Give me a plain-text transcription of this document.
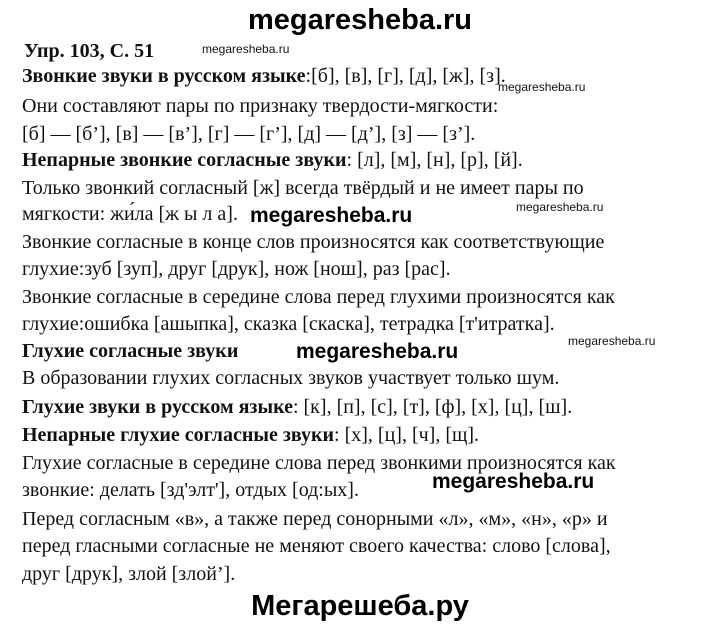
megaresheba.ru
Упр. 103, С. 51	megaresheba.ru
Звонкие звуки в русском языке:[б], [в], [г], [д], [ж], [з].
megaresheba.ru
Они составляют пары по признаку твердости-мягкости:
[б] — [б’], [в] — [в’], [г] — [г’], [д] — [д’], [з] — [з’].
Непарные звонкие согласные звуки: [л], [м], [н], [р], [й].
Только звонкий согласный [ж] всегда твёрдый и не имеет пары по
мягкости: жи́ла [ж ы л а]. megaresheba.ru	megaresheba.ru
Звонкие согласные в конце слов произносятся как соответствующие
глухие:зуб [зуп], друг [друк], нож [нош], раз [рас].
Звонкие согласные в середине слова перед глухими произносятся как
глухие:ошибка [ашыпка], сказка [скаска], тетрадка [т'итратка].
Глухие согласные звуки	megaresheba.ru	megaresheba.ru
В образовании глухих согласных звуков участвует только шум.
Глухие звуки в русском языке: [к], [п], [с], [т], [ф], [х], [ц], [ш].
Непарные глухие согласные звуки: [х], [ц], [ч], [щ].
Глухие согласные в середине слова перед звонкими произносятся как
звонкие: делать [зд'элт'], отдых [од:ых].	megaresheba.ru
Перед согласным «в», а также перед сонорными «л», «м», «н», «р» и
перед гласными согласные не меняют своего качества: слово [слова],
друг [друк], злой [злой’].
Мегарешеба.ру
